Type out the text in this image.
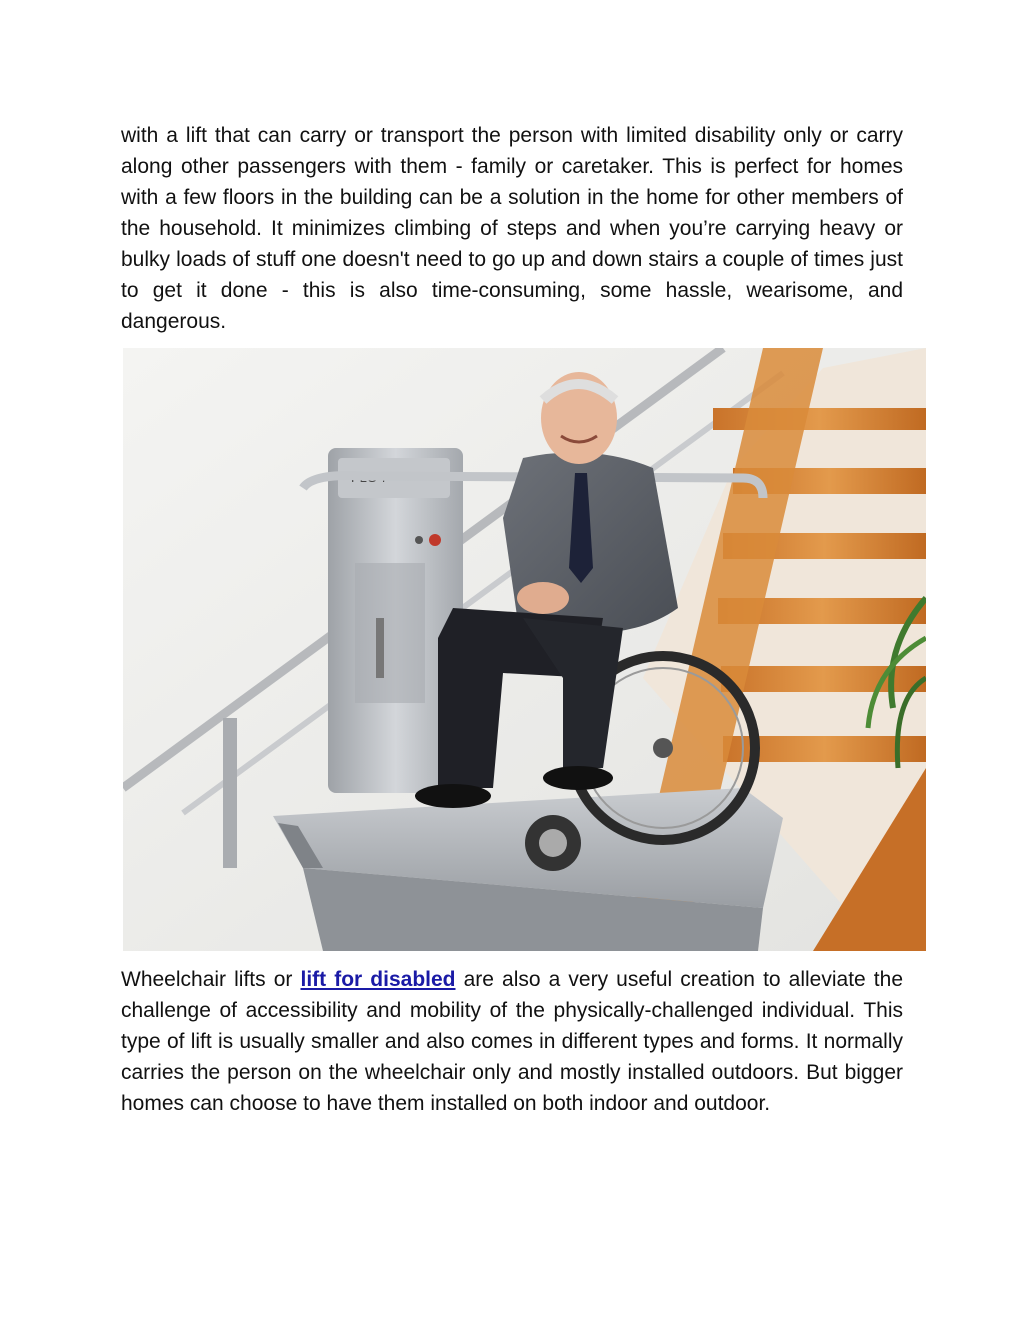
with a lift that can carry or transport the person with limited disability only or carry along other passengers with them - family or caretaker. This is perfect for homes with a few floors in the building can be a solution in the home for other members of the household. It minimizes climbing of steps and when you’re carrying heavy or bulky loads of stuff one doesn't need to go up and down stairs a couple of times just to get it done - this is also time-consuming, some hassle, wearisome, and dangerous.

PLG 7

Wheelchair lifts or lift for disabled are also a very useful creation to alleviate the challenge of accessibility and mobility of the physically-challenged individual. This type of lift is usually smaller and also comes in different types and forms. It normally carries the person on the wheelchair only and mostly installed outdoors. But bigger homes can choose to have them installed on both indoor and outdoor.
